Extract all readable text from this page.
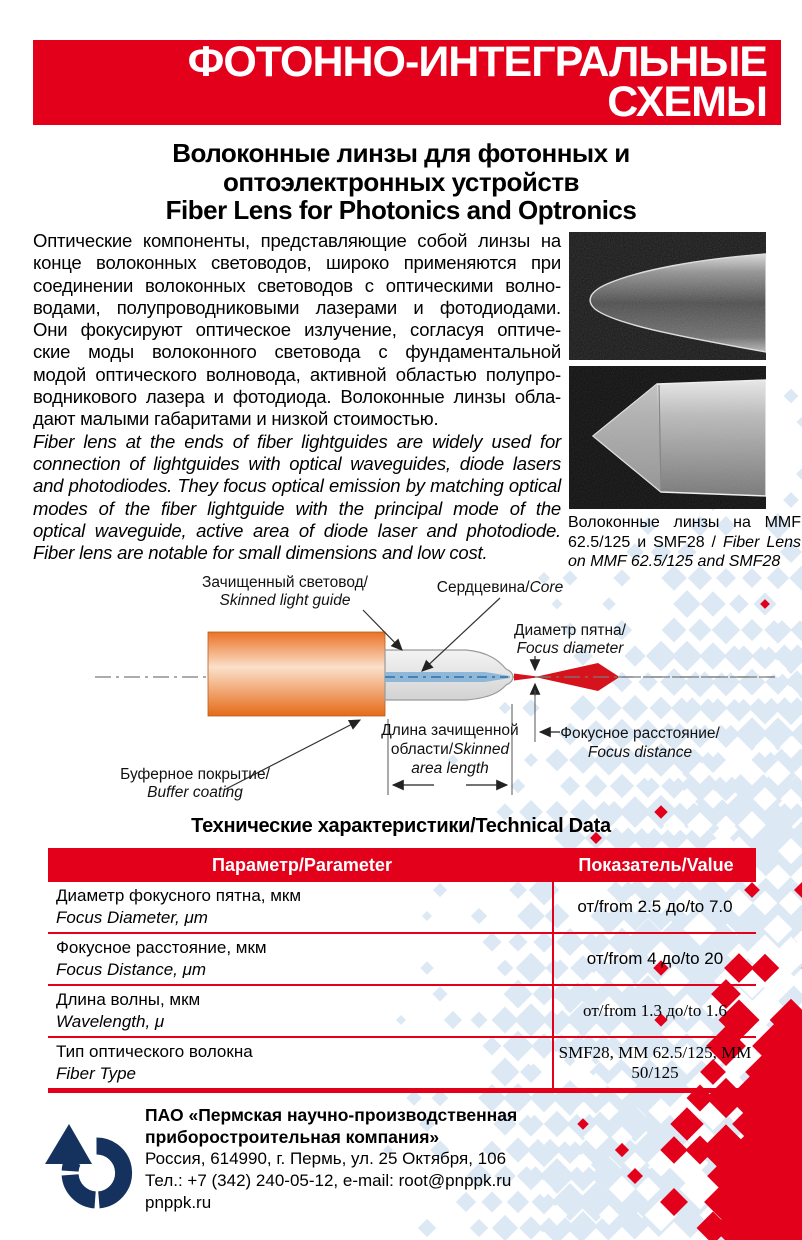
ФОТОННО-ИНТЕГРАЛЬНЫЕ
СХЕМЫ
Волоконные линзы для фотонных и
оптоэлектронных устройств
Fiber Lens for Photonics and Optronics
Оптические компоненты, представляющие собой линзы на
конце волоконных световодов, широко применяются при
соединении волоконных световодов с оптическими волно-
водами, полупроводниковыми лазерами и фотодиодами.
Они фокусируют оптическое излучение, согласуя оптиче-
ские моды волоконного световода с фундаментальной
модой оптического волновода, активной областью полупро-
водникового лазера и фотодиода. Волоконные линзы обла-
дают малыми габаритами и низкой стоимостью.
Fiber lens at the ends of fiber lightguides are widely used for
connection of lightguides with optical waveguides, diode lasers
and photodiodes. They focus optical emission by matching optical
modes of the fiber lightguide with the principal mode of the
optical waveguide, active area of diode laser and photodiode.
Fiber lens are notable for small dimensions and low cost.
Волоконные линзы на MMF
62.5/125 и SMF28 / Fiber Lens
on MMF 62.5/125 and SMF28
Зачищенный световод/
Skinned light guide
Сердцевина/Core
Диаметр пятна/
Focus diameter
Буферное покрытие/
Buffer coating
Длина зачищенной
области/Skinned
area length
Фокусное расстояние/
Focus distance
Технические характеристики/Technical Data
Параметр/Parameter	Показатель/Value
Диаметр фокусного пятна, мкм
Focus Diameter, μm
от/from 2.5 до/to 7.0
Фокусное расстояние, мкм
Focus Distance, μm
от/from 4 до/to 20
Длина волны, мкм
Wavelength, μ
от/from 1.3 до/to 1.6
Тип оптического волокна
Fiber Type
SMF28, MM 62.5/125, MM 50/125
ПАО «Пермская научно-производственная
приборостроительная компания»
Россия, 614990, г. Пермь, ул. 25 Октября, 106
Тел.: +7 (342) 240-05-12, e-mail: root@pnppk.ru
pnppk.ru
